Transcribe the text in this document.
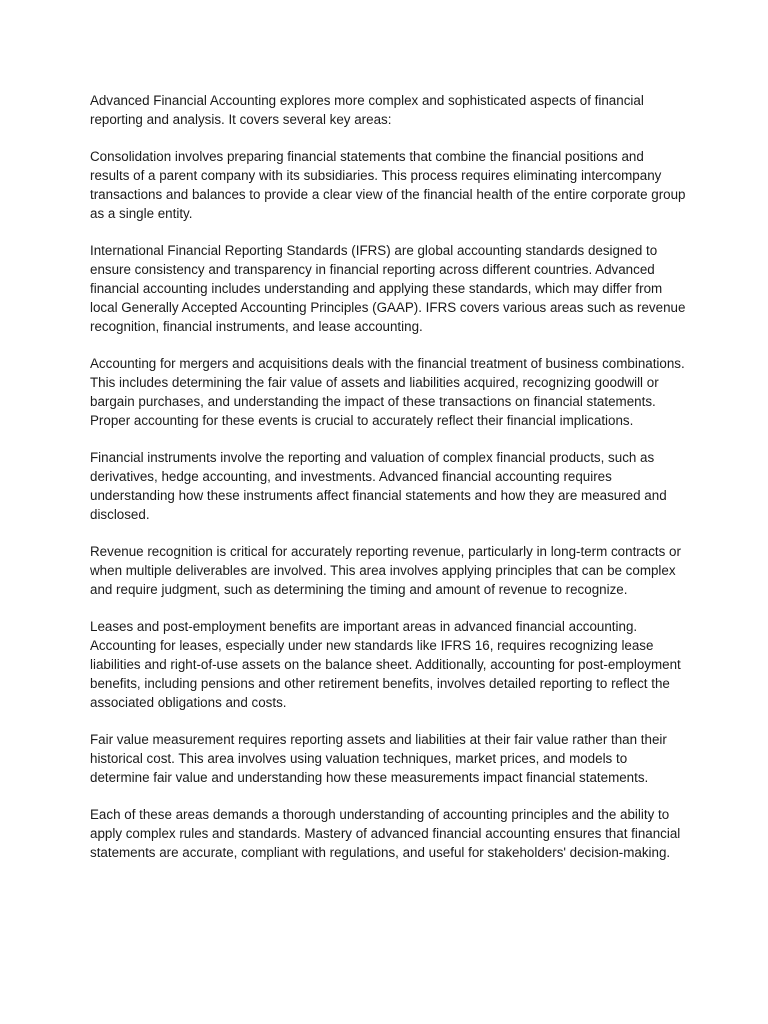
Advanced Financial Accounting explores more complex and sophisticated aspects of financial reporting and analysis. It covers several key areas:

Consolidation involves preparing financial statements that combine the financial positions and results of a parent company with its subsidiaries. This process requires eliminating intercompany transactions and balances to provide a clear view of the financial health of the entire corporate group as a single entity.

International Financial Reporting Standards (IFRS) are global accounting standards designed to ensure consistency and transparency in financial reporting across different countries. Advanced financial accounting includes understanding and applying these standards, which may differ from local Generally Accepted Accounting Principles (GAAP). IFRS covers various areas such as revenue recognition, financial instruments, and lease accounting.

Accounting for mergers and acquisitions deals with the financial treatment of business combinations. This includes determining the fair value of assets and liabilities acquired, recognizing goodwill or bargain purchases, and understanding the impact of these transactions on financial statements. Proper accounting for these events is crucial to accurately reflect their financial implications.

Financial instruments involve the reporting and valuation of complex financial products, such as derivatives, hedge accounting, and investments. Advanced financial accounting requires understanding how these instruments affect financial statements and how they are measured and disclosed.

Revenue recognition is critical for accurately reporting revenue, particularly in long-term contracts or when multiple deliverables are involved. This area involves applying principles that can be complex and require judgment, such as determining the timing and amount of revenue to recognize.

Leases and post-employment benefits are important areas in advanced financial accounting. Accounting for leases, especially under new standards like IFRS 16, requires recognizing lease liabilities and right-of-use assets on the balance sheet. Additionally, accounting for post-employment benefits, including pensions and other retirement benefits, involves detailed reporting to reflect the associated obligations and costs.

Fair value measurement requires reporting assets and liabilities at their fair value rather than their historical cost. This area involves using valuation techniques, market prices, and models to determine fair value and understanding how these measurements impact financial statements.

Each of these areas demands a thorough understanding of accounting principles and the ability to apply complex rules and standards. Mastery of advanced financial accounting ensures that financial statements are accurate, compliant with regulations, and useful for stakeholders' decision-making.
